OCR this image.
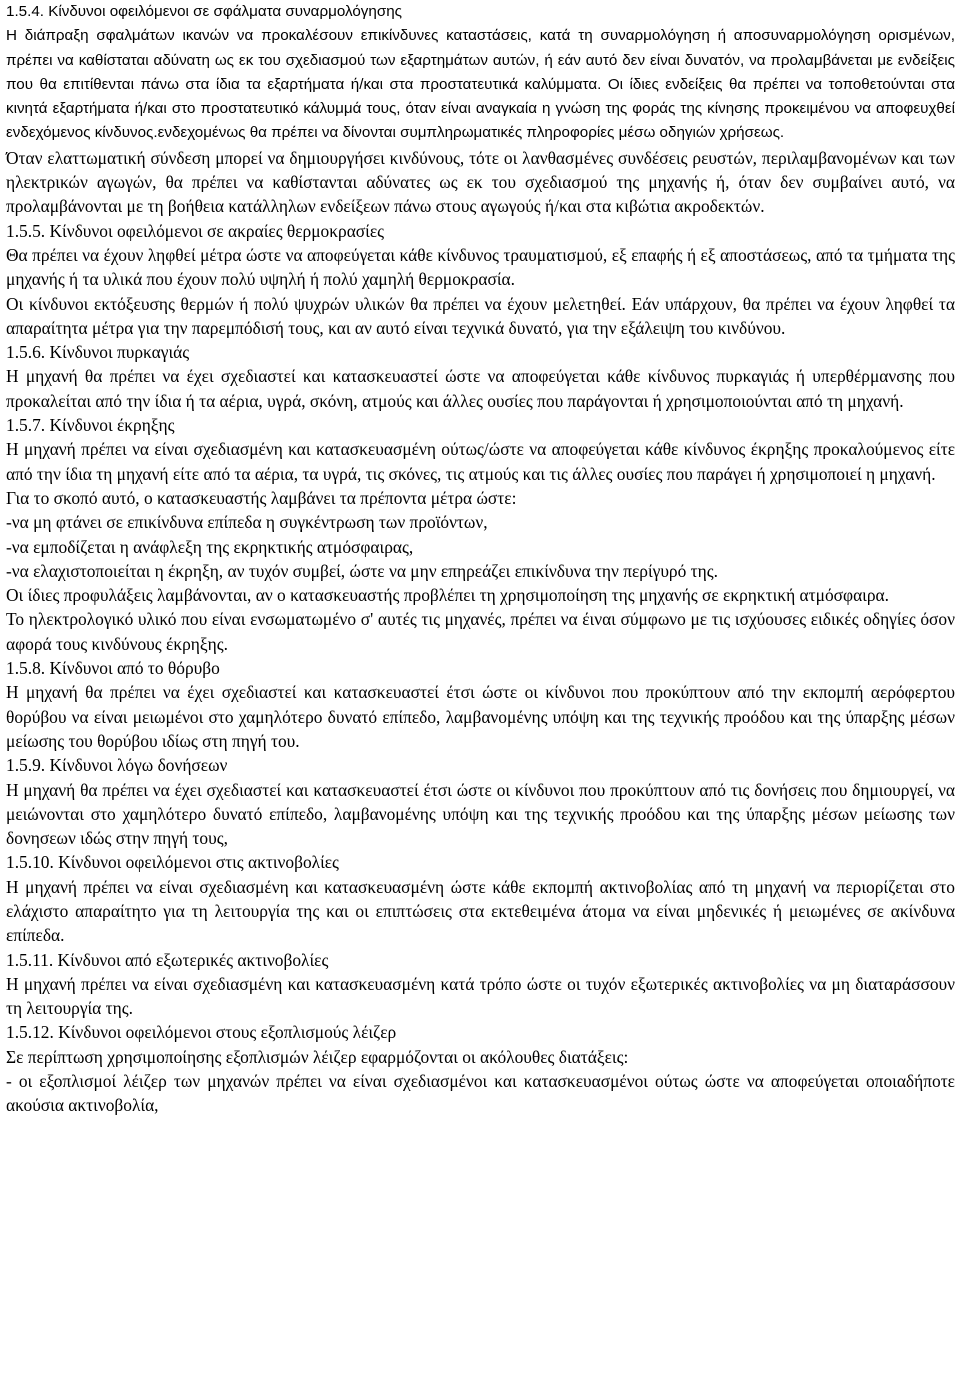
1.5.4. Κίνδυνοι οφειλόμενοι σε σφάλματα συναρμολόγησης

Η διάπραξη σφαλμάτων ικανών να προκαλέσουν επικίνδυνες καταστάσεις, κατά τη συναρμολόγηση ή αποσυναρμολόγηση ορισμένων, πρέπει να καθίσταται αδύνατη ως εκ του σχεδιασμού των εξαρτημάτων αυτών, ή εάν αυτό δεν είναι δυνατόν, να προλαμβάνεται με ενδείξεις που θα επιτίθενται πάνω στα ίδια τα εξαρτήματα ή/και στα προστατευτικά καλύμματα. Οι ίδιες ενδείξεις θα πρέπει να τοποθετούνται στα κινητά εξαρτήματα ή/και στο προστατευτικό κάλυμμά τους, όταν είναι αναγκαία η γνώση της φοράς της κίνησης προκειμένου να αποφευχθεί ενδεχόμενος κίνδυνος.ενδεχομένως θα πρέπει να δίνονται συμπληρωματικές πληροφορίες μέσω οδηγιών χρήσεως.

Όταν ελαττωματική σύνδεση μπορεί να δημιουργήσει κινδύνους, τότε οι λανθασμένες συνδέσεις ρευστών, περιλαμβανομένων και των ηλεκτρικών αγωγών, θα πρέπει να καθίστανται αδύνατες ως εκ του σχεδιασμού της μηχανής ή, όταν δεν συμβαίνει αυτό, να προλαμβάνονται με τη βοήθεια κατάλληλων ενδείξεων πάνω στους αγωγούς ή/και στα κιβώτια ακροδεκτών.

1.5.5. Κίνδυνοι οφειλόμενοι σε ακραίες θερμοκρασίες

Θα πρέπει να έχουν ληφθεί μέτρα ώστε να αποφεύγεται κάθε κίνδυνος τραυματισμού, εξ επαφής ή εξ αποστάσεως, από τα τμήματα της μηχανής ή τα υλικά που έχουν πολύ υψηλή ή πολύ χαμηλή θερμοκρασία.

Οι κίνδυνοι εκτόξευσης θερμών ή πολύ ψυχρών υλικών θα πρέπει να έχουν μελετηθεί. Εάν υπάρχουν, θα πρέπει να έχουν ληφθεί τα απαραίτητα μέτρα για την παρεμπόδισή τους, και αν αυτό είναι τεχνικά δυνατό, για την εξάλειψη του κινδύνου.

1.5.6. Κίνδυνοι πυρκαγιάς

Η μηχανή θα πρέπει να έχει σχεδιαστεί και κατασκευαστεί ώστε να αποφεύγεται κάθε κίνδυνος πυρκαγιάς ή υπερθέρμανσης που προκαλείται από την ίδια ή τα αέρια, υγρά, σκόνη, ατμούς και άλλες ουσίες που παράγονται ή χρησιμοποιούνται από τη μηχανή.

1.5.7. Κίνδυνοι έκρηξης

Η μηχανή πρέπει να είναι σχεδιασμένη και κατασκευασμένη ούτως/ώστε να αποφεύγεται κάθε κίνδυνος έκρηξης προκαλούμενος είτε από την ίδια τη μηχανή είτε από τα αέρια, τα υγρά, τις σκόνες, τις ατμούς και τις άλλες ουσίες που παράγει ή χρησιμοποιεί η μηχανή.

Για το σκοπό αυτό, ο κατασκευαστής λαμβάνει τα πρέποντα μέτρα ώστε:

-να μη φτάνει σε επικίνδυνα επίπεδα η συγκέντρωση των προϊόντων,

-να εμποδίζεται η ανάφλεξη της εκρηκτικής ατμόσφαιρας,

-να ελαχιστοποιείται η έκρηξη, αν τυχόν συμβεί, ώστε να μην επηρεάζει επικίνδυνα την περίγυρό της.

Οι ίδιες προφυλάξεις λαμβάνονται, αν ο κατασκευαστής προβλέπει τη χρησιμοποίηση της μηχανής σε εκρηκτική ατμόσφαιρα.

Το ηλεκτρολογικό υλικό που είναι ενσωματωμένο σ' αυτές τις μηχανές, πρέπει να έιναι σύμφωνο με τις ισχύουσες ειδικές οδηγίες όσον αφορά τους κινδύνους έκρηξης.

1.5.8. Κίνδυνοι από το θόρυβο

Η μηχανή θα πρέπει να έχει σχεδιαστεί και κατασκευαστεί έτσι ώστε οι κίνδυνοι που προκύπτουν από την εκπομπή αερόφερτου θορύβου να είναι μειωμένοι στο χαμηλότερο δυνατό επίπεδο, λαμβανομένης υπόψη και της τεχνικής προόδου και της ύπαρξης μέσων μείωσης του θορύβου ιδίως στη πηγή του.

1.5.9. Κίνδυνοι λόγω δονήσεων

Η μηχανή θα πρέπει να έχει σχεδιαστεί και κατασκευαστεί έτσι ώστε οι κίνδυνοι που προκύπτουν από τις δονήσεις που δημιουργεί, να μειώνονται στο χαμηλότερο δυνατό επίπεδο, λαμβανομένης υπόψη και της τεχνικής προόδου και της ύπαρξης μέσων μείωσης των δονησεων ιδώς στην πηγή τους,

1.5.10. Κίνδυνοι οφειλόμενοι στις ακτινοβολίες

Η μηχανή πρέπει να είναι σχεδιασμένη και κατασκευασμένη ώστε κάθε εκπομπή ακτινοβολίας από τη μηχανή να περιορίζεται στο ελάχιστο απαραίτητο για τη λειτουργία της και οι επιπτώσεις στα εκτεθειμένα άτομα να είναι μηδενικές ή μειωμένες σε ακίνδυνα επίπεδα.

1.5.11. Κίνδυνοι από εξωτερικές ακτινοβολίες

Η μηχανή πρέπει να είναι σχεδιασμένη και κατασκευασμένη κατά τρόπο ώστε οι τυχόν εξωτερικές ακτινοβολίες να μη διαταράσσουν τη λειτουργία της.

1.5.12. Κίνδυνοι οφειλόμενοι στους εξοπλισμούς λέιζερ

Σε περίπτωση χρησιμοποίησης εξοπλισμών λέιζερ εφαρμόζονται οι ακόλουθες διατάξεις:

- οι εξοπλισμοί λέιζερ των μηχανών πρέπει να είναι σχεδιασμένοι και κατασκευασμένοι ούτως ώστε να αποφεύγεται οποιαδήποτε ακούσια ακτινοβολία,
